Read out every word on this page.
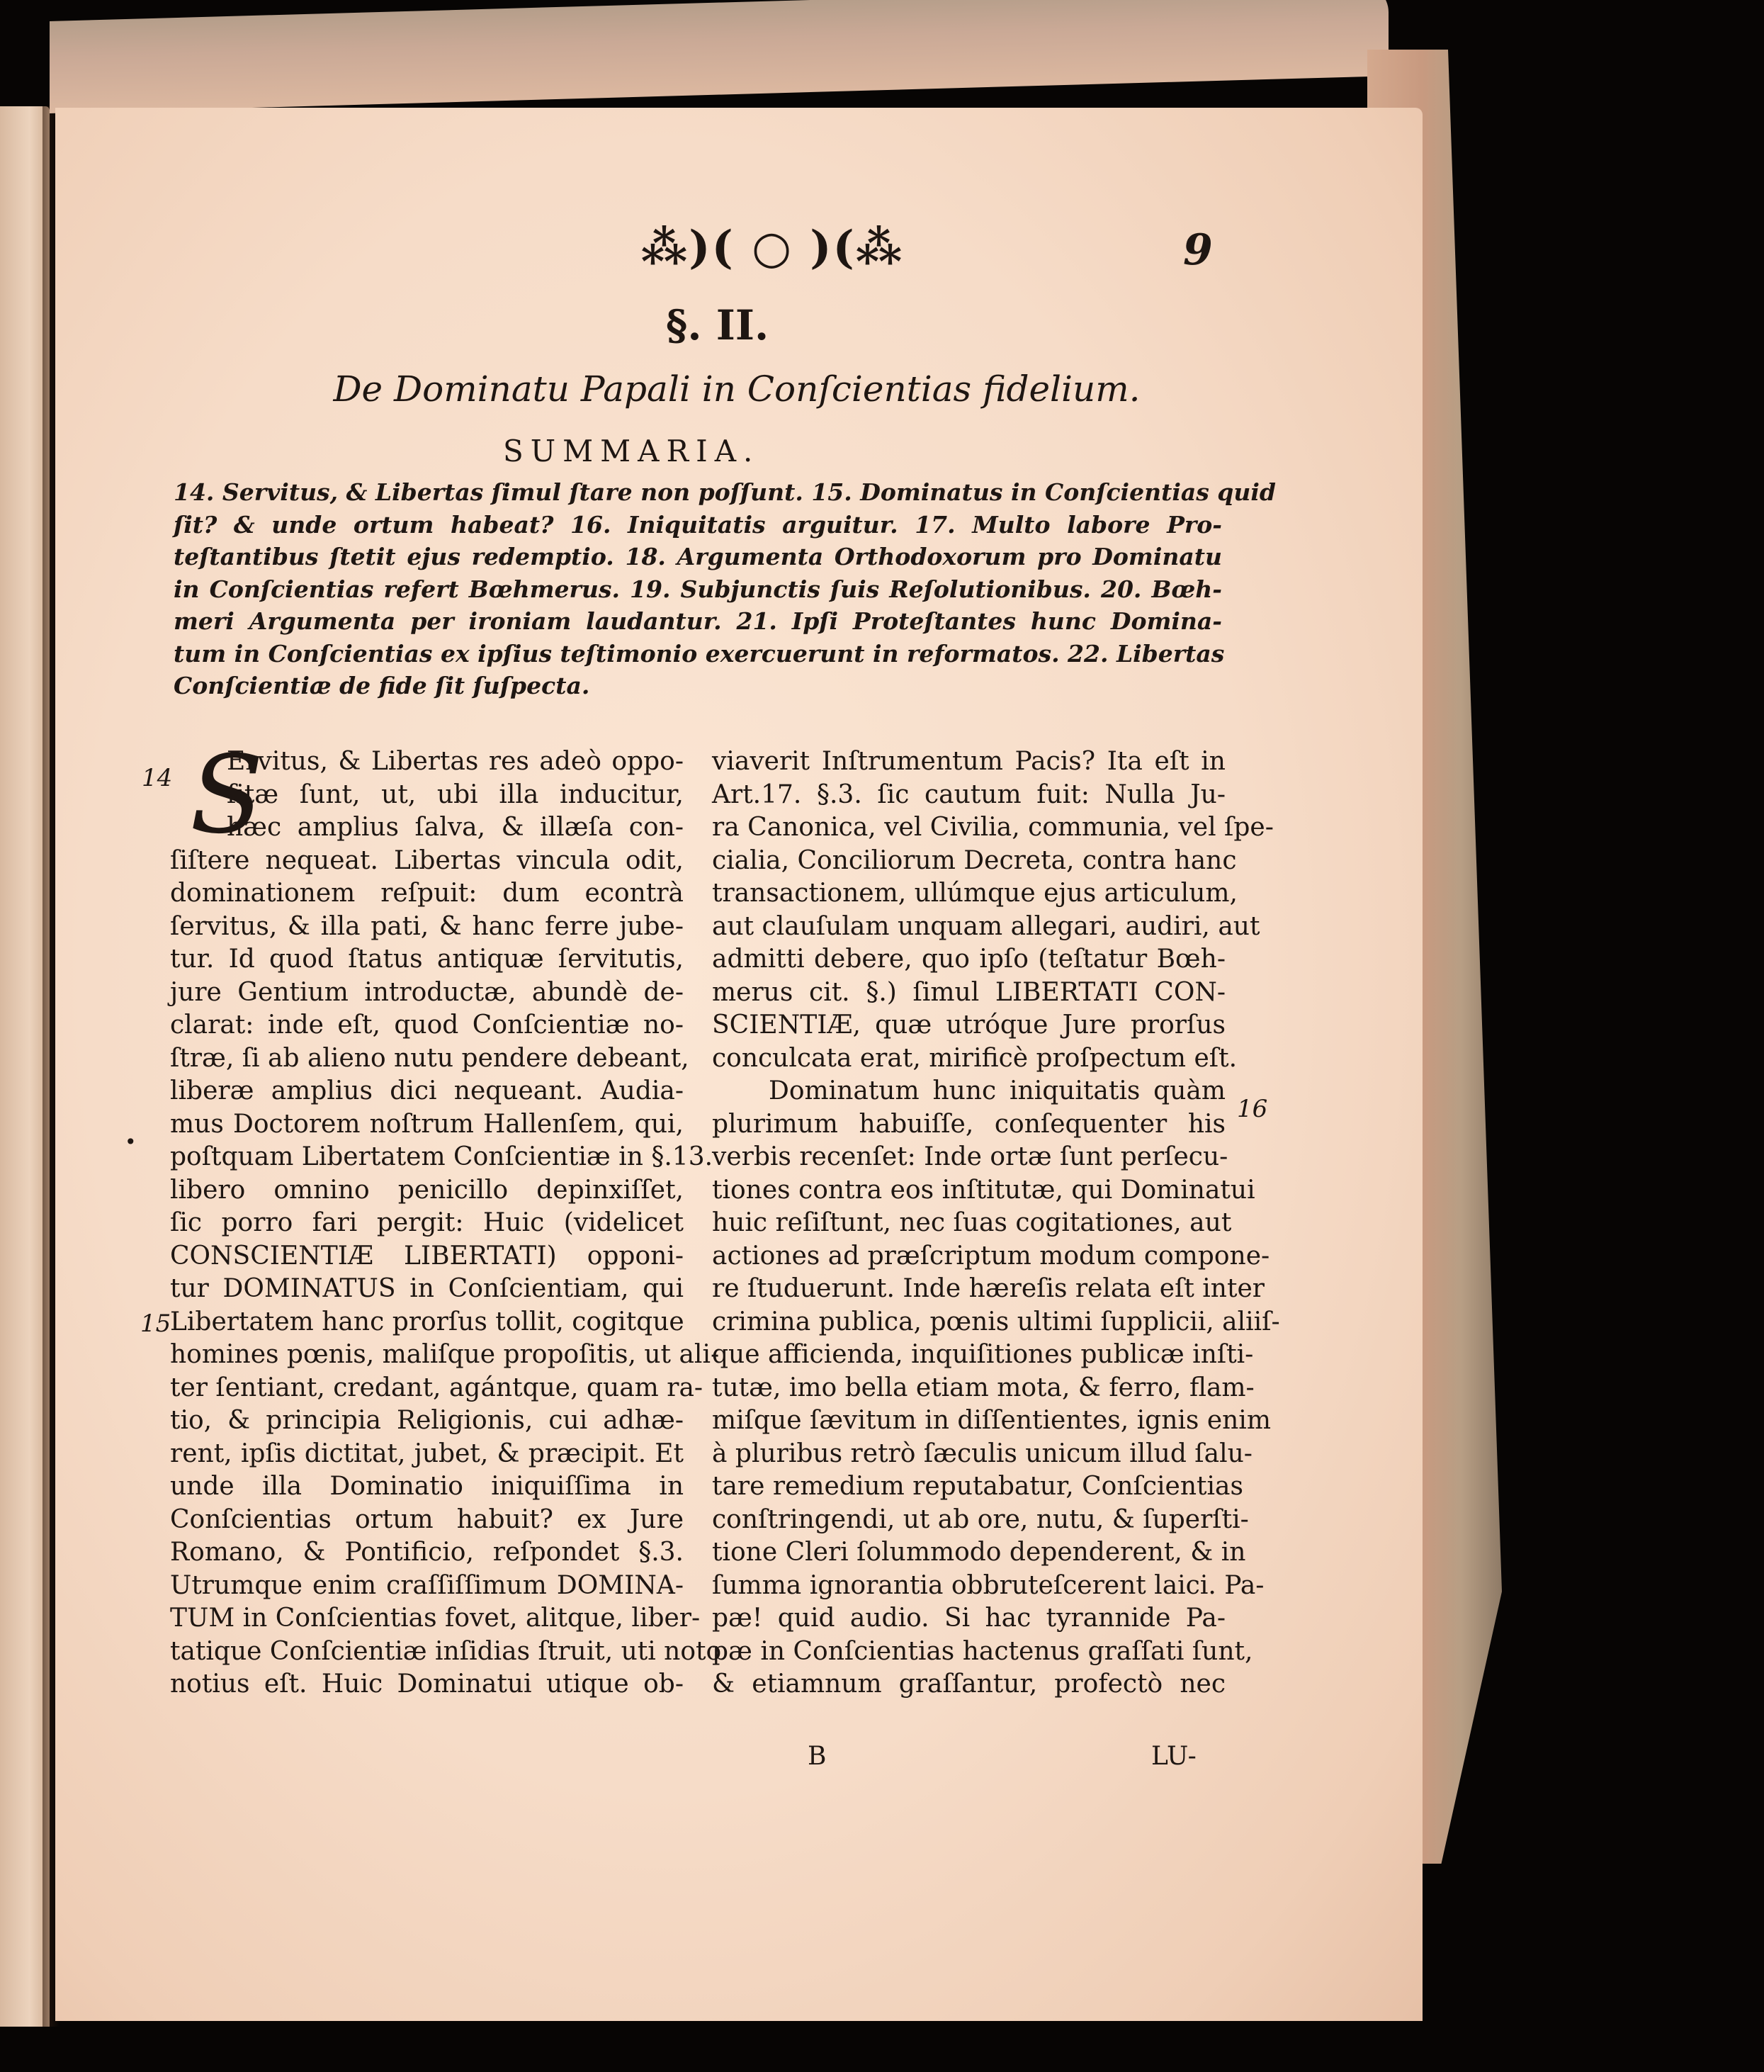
⁂)( ○ )(⁂	9
§. II.
De Dominatu Papali in Conſcientias fidelium.
SUMMARIA.
14. Servitus, & Libertas ſimul ſtare non poſſunt. 15. Dominatus in Conſcientias quid
ſit? & unde ortum habeat? 16. Iniquitatis arguitur. 17. Multo labore Pro-
teſtantibus ſtetit ejus redemptio. 18. Argumenta Orthodoxorum pro Dominatu
in Conſcientias refert Bœhmerus. 19. Subjunctis ſuis Reſolutionibus. 20. Bœh-
meri Argumenta per ironiam laudantur. 21. Ipſi Proteſtantes hunc Domina-
tum in Conſcientias ex ipſius teſtimonio exercuerunt in reformatos. 22. Libertas
Conſcientiæ de fide ſit ſuſpecta.
S
Ervitus, & Libertas res adeò oppo-
ſitæ ſunt, ut, ubi illa inducitur,
hæc amplius ſalva, & illæſa con-
ſiſtere nequeat. Libertas vincula odit,
dominationem reſpuit: dum econtrà
ſervitus, & illa pati, & hanc ferre jube-
tur. Id quod ſtatus antiquæ ſervitutis,
jure Gentium introductæ, abundè de-
clarat: inde eſt, quod Conſcientiæ no-
ſtræ, ſi ab alieno nutu pendere debeant,
liberæ amplius dici nequeant. Audia-
mus Doctorem noſtrum Hallenſem, qui,
poſtquam Libertatem Conſcientiæ in §.13.
libero omnino penicillo depinxiſſet,
ſic porro fari pergit: Huic (videlicet
CONSCIENTIÆ LIBERTATI) opponi-
tur DOMINATUS in Conſcientiam, qui
Libertatem hanc prorſus tollit, cogitque
homines pœnis, maliſque propoſitis, ut ali-
ter ſentiant, credant, agántque, quam ra-
tio, & principia Religionis, cui adhæ-
rent, ipſis dictitat, jubet, & præcipit. Et
unde illa Dominatio iniquiſſima in
Conſcientias ortum habuit? ex Jure
Romano, & Pontificio, reſpondet §.3.
Utrumque enim craſſiſſimum DOMINA-
TUM in Conſcientias fovet, alitque, liber-
tatique Conſcientiæ inſidias ſtruit, uti noto
notius eſt. Huic Dominatui utique ob-
viaverit Inſtrumentum Pacis? Ita eſt in
Art.17. §.3. ſic cautum fuit: Nulla Ju-
ra Canonica, vel Civilia, communia, vel ſpe-
cialia, Conciliorum Decreta, contra hanc
transactionem, ullúmque ejus articulum,
aut clauſulam unquam allegari, audiri, aut
admitti debere, quo ipſo (teſtatur Bœh-
merus cit. §.) ſimul LIBERTATI CON-
SCIENTIÆ, quæ utróque Jure prorſus
conculcata erat, mirificè proſpectum eſt.
Dominatum hunc iniquitatis quàm
plurimum habuiſſe, conſequenter his
verbis recenſet: Inde ortæ ſunt perſecu-
tiones contra eos inſtitutæ, qui Dominatui
huic reſiſtunt, nec ſuas cogitationes, aut
actiones ad præſcriptum modum compone-
re ſtuduerunt. Inde hæreſis relata eſt inter
crimina publica, pœnis ultimi ſupplicii, aliiſ-
que afficienda, inquiſitiones publicæ inſti-
tutæ, imo bella etiam mota, & ferro, flam-
miſque ſævitum in diſſentientes, ignis enim
à pluribus retrò ſæculis unicum illud ſalu-
tare remedium reputabatur, Conſcientias
conſtringendi, ut ab ore, nutu, & ſuperſti-
tione Cleri ſolummodo dependerent, & in
ſumma ignorantia obbruteſcerent laici. Pa-
pæ! quid audio. Si hac tyrannide Pa-
pæ in Conſcientias hactenus graſſati ſunt,
& etiamnum graſſantur, profectò nec
14
15
16
•
B	LU-
